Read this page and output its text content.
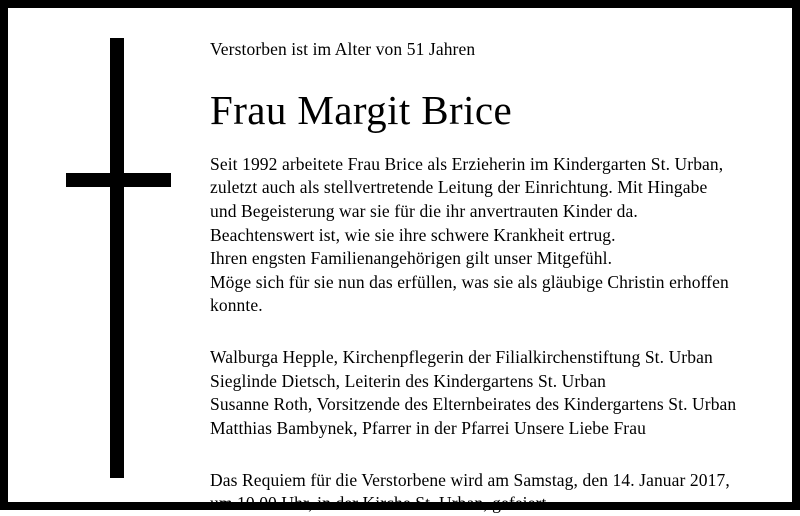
Verstorben ist im Alter von 51 Jahren
Frau Margit Brice
Seit 1992 arbeitete Frau Brice als Erzieherin im Kindergarten St. Urban,
zuletzt auch als stellvertretende Leitung der Einrichtung. Mit Hingabe
und Begeisterung war sie für die ihr anvertrauten Kinder da.
Beachtenswert ist, wie sie ihre schwere Krankheit ertrug.
Ihren engsten Familienangehörigen gilt unser Mitgefühl.
Möge sich für sie nun das erfüllen, was sie als gläubige Christin erhoffen
konnte.
Walburga Hepple, Kirchenpflegerin der Filialkirchenstiftung St. Urban
Sieglinde Dietsch, Leiterin des Kindergartens St. Urban
Susanne Roth, Vorsitzende des Elternbeirates des Kindergartens St. Urban
Matthias Bambynek, Pfarrer in der Pfarrei Unsere Liebe Frau
Das Requiem für die Verstorbene wird am Samstag, den 14. Januar 2017,
um 10.00 Uhr, in der Kirche St. Urban, gefeiert.
